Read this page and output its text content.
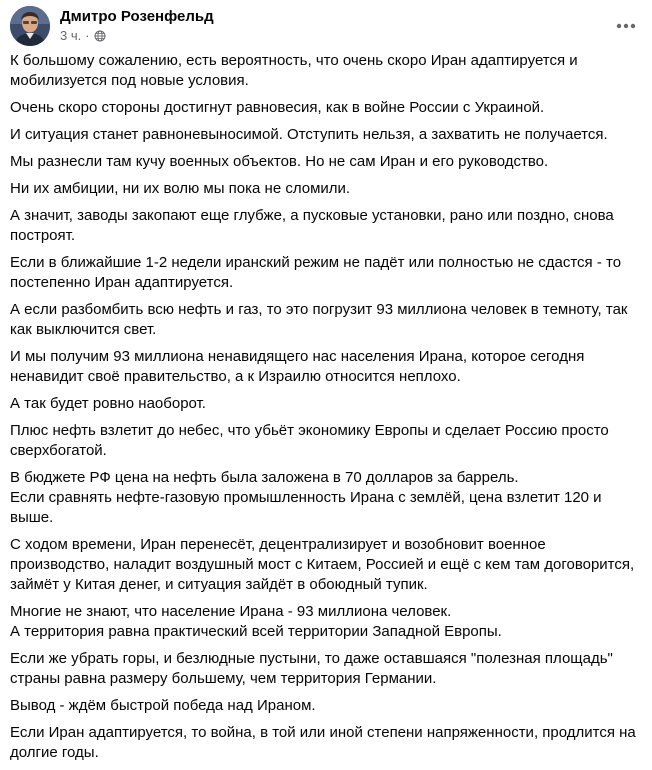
Дмитро Розенфельд
3 ч. ·

К большому сожалению, есть вероятность, что очень скоро Иран адаптируется и мобилизуется под новые условия.

Очень скоро стороны достигнут равновесия, как в войне России с Украиной.

И ситуация станет равноневыносимой. Отступить нельзя, а захватить не получается.

Мы разнесли там кучу военных объектов. Но не сам Иран и его руководство.

Ни их амбиции, ни их волю мы пока не сломили.

А значит, заводы закопают еще глубже, а пусковые установки, рано или поздно, снова построят.

Если в ближайшие 1-2 недели иранский режим не падёт или полностью не сдастся - то постепенно Иран адаптируется.

А если разбомбить всю нефть и газ, то это погрузит 93 миллиона человек в темноту, так как выключится свет.

И мы получим 93 миллиона ненавидящего нас населения Ирана, которое сегодня ненавидит своё правительство, а к Израилю относится неплохо.

А так будет ровно наоборот.

Плюс нефть взлетит до небес, что убьёт экономику Европы и сделает Россию просто сверхбогатой.

В бюджете РФ цена на нефть была заложена в 70 долларов за баррель.
Если сравнять нефте-газовую промышленность Ирана с землёй, цена взлетит 120 и выше.

С ходом времени, Иран перенесёт, децентрализирует и возобновит военное производство, наладит воздушный мост с Китаем, Россией и ещё с кем там договорится, займёт у Китая денег, и ситуация зайдёт в обоюдный тупик.

Многие не знают, что население Ирана - 93 миллиона человек.
А территория равна практический всей территории Западной Европы.

Если же убрать горы, и безлюдные пустыни, то даже оставшаяся "полезная площадь" страны равна размеру большему, чем территория Германии.

Вывод - ждём быстрой победа над Ираном.

Если Иран адаптируется, то война, в той или иной степени напряженности, продлится на долгие годы.
